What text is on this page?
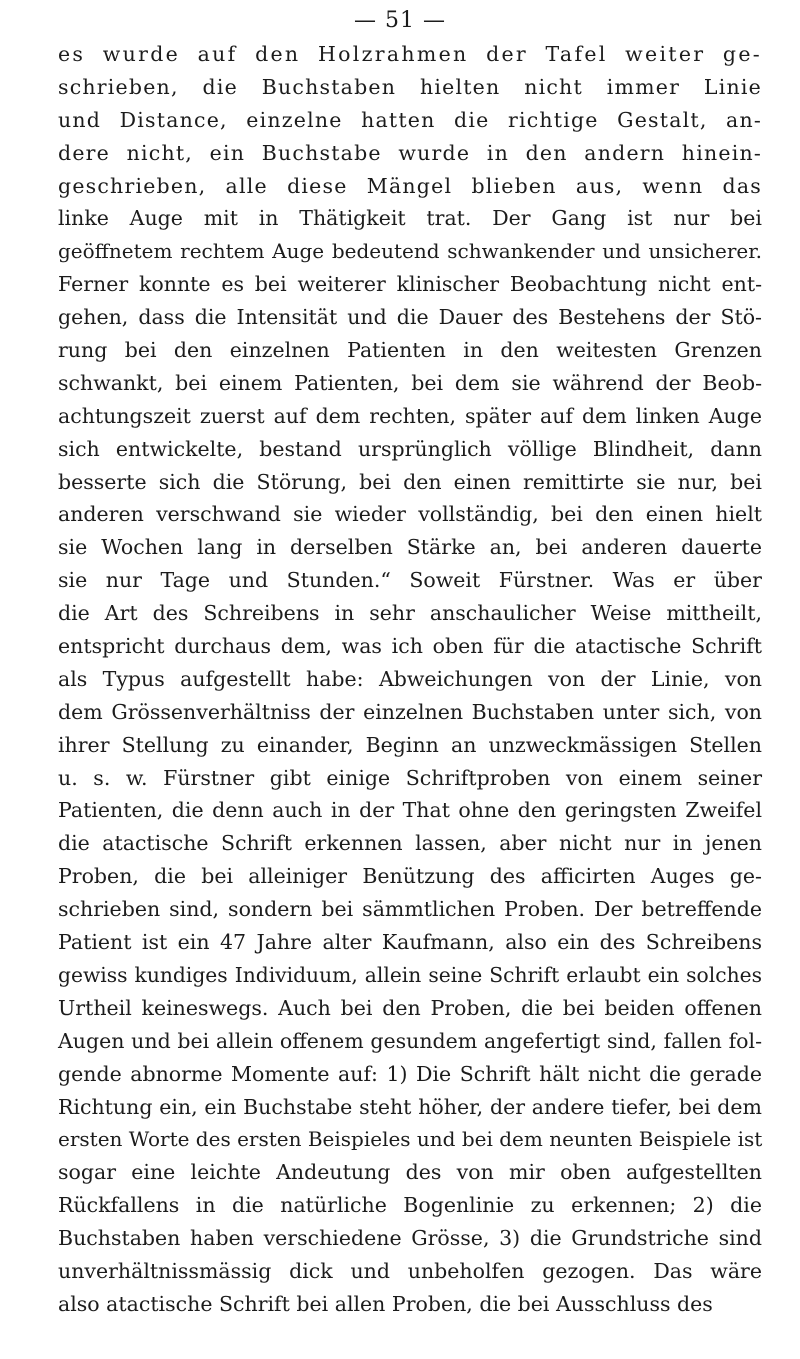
— 51 —
es wurde auf den Holzrahmen der Tafel weiter ge-
schrieben, die Buchstaben hielten nicht immer Linie
und Distance, einzelne hatten die richtige Gestalt, an-
dere nicht, ein Buchstabe wurde in den andern hinein-
geschrieben, alle diese Mängel blieben aus, wenn das
linke Auge mit in Thätigkeit trat. Der Gang ist nur bei
geöffnetem rechtem Auge bedeutend schwankender und unsicherer.
Ferner konnte es bei weiterer klinischer Beobachtung nicht ent-
gehen, dass die Intensität und die Dauer des Bestehens der Stö-
rung bei den einzelnen Patienten in den weitesten Grenzen
schwankt, bei einem Patienten, bei dem sie während der Beob-
achtungszeit zuerst auf dem rechten, später auf dem linken Auge
sich entwickelte, bestand ursprünglich völlige Blindheit, dann
besserte sich die Störung, bei den einen remittirte sie nur, bei
anderen verschwand sie wieder vollständig, bei den einen hielt
sie Wochen lang in derselben Stärke an, bei anderen dauerte
sie nur Tage und Stunden.“ Soweit Fürstner. Was er über
die Art des Schreibens in sehr anschaulicher Weise mittheilt,
entspricht durchaus dem, was ich oben für die atactische Schrift
als Typus aufgestellt habe: Abweichungen von der Linie, von
dem Grössenverhältniss der einzelnen Buchstaben unter sich, von
ihrer Stellung zu einander, Beginn an unzweckmässigen Stellen
u. s. w. Fürstner gibt einige Schriftproben von einem seiner
Patienten, die denn auch in der That ohne den geringsten Zweifel
die atactische Schrift erkennen lassen, aber nicht nur in jenen
Proben, die bei alleiniger Benützung des afficirten Auges ge-
schrieben sind, sondern bei sämmtlichen Proben. Der betreffende
Patient ist ein 47 Jahre alter Kaufmann, also ein des Schreibens
gewiss kundiges Individuum, allein seine Schrift erlaubt ein solches
Urtheil keineswegs. Auch bei den Proben, die bei beiden offenen
Augen und bei allein offenem gesundem angefertigt sind, fallen fol-
gende abnorme Momente auf: 1) Die Schrift hält nicht die gerade
Richtung ein, ein Buchstabe steht höher, der andere tiefer, bei dem
ersten Worte des ersten Beispieles und bei dem neunten Beispiele ist
sogar eine leichte Andeutung des von mir oben aufgestellten
Rückfallens in die natürliche Bogenlinie zu erkennen; 2) die
Buchstaben haben verschiedene Grösse, 3) die Grundstriche sind
unverhältnissmässig dick und unbeholfen gezogen. Das wäre
also atactische Schrift bei allen Proben, die bei Ausschluss des
